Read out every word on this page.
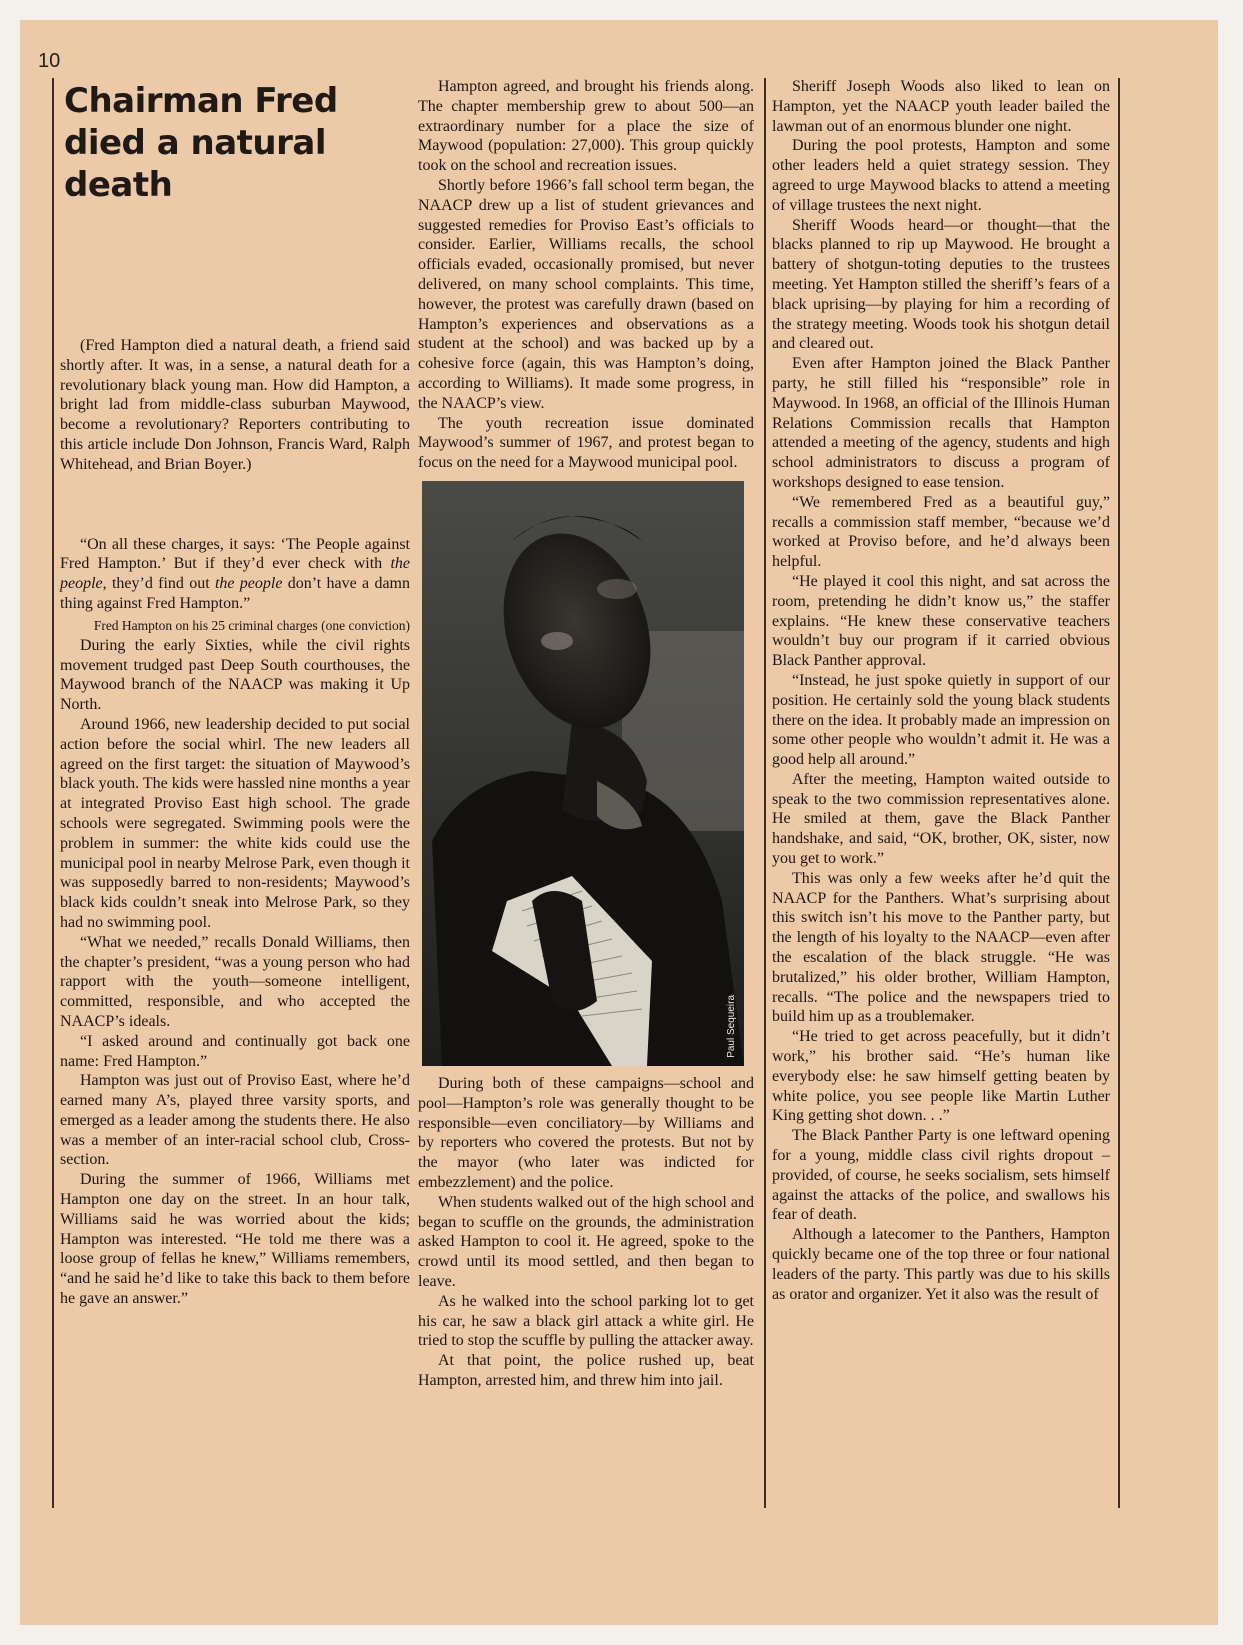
10
Chairman Fred died a natural death

(Fred Hampton died a natural death, a friend said shortly after. It was, in a sense, a natural death for a revolutionary black young man. How did Hampton, a bright lad from middle-class suburban Maywood, become a revolutionary? Reporters contributing to this article include Don Johnson, Francis Ward, Ralph Whitehead, and Brian Boyer.)

“On all these charges, it says: ‘The People against Fred Hampton.’ But if they’d ever check with the people, they’d find out the people don’t have a damn thing against Fred Hampton.”

Fred Hampton on his 25 criminal charges (one conviction)

During the early Sixties, while the civil rights movement trudged past Deep South courthouses, the Maywood branch of the NAACP was making it Up North.

Around 1966, new leadership decided to put social action before the social whirl. The new leaders all agreed on the first target: the situation of Maywood’s black youth. The kids were hassled nine months a year at integrated Proviso East high school. The grade schools were segregated. Swimming pools were the problem in summer: the white kids could use the municipal pool in nearby Melrose Park, even though it was supposedly barred to non-residents; Maywood’s black kids couldn’t sneak into Melrose Park, so they had no swimming pool.

“What we needed,” recalls Donald Williams, then the chapter’s president, “was a young person who had rapport with the youth—someone intelligent, committed, responsible, and who accepted the NAACP’s ideals.

“I asked around and continually got back one name: Fred Hampton.”

Hampton was just out of Proviso East, where he’d earned many A’s, played three varsity sports, and emerged as a leader among the students there. He also was a member of an inter-racial school club, Cross-section.

During the summer of 1966, Williams met Hampton one day on the street. In an hour talk, Williams said he was worried about the kids; Hampton was interested. “He told me there was a loose group of fellas he knew,” Williams remembers, “and he said he’d like to take this back to them before he gave an answer.”

Hampton agreed, and brought his friends along. The chapter membership grew to about 500—an extraordinary number for a place the size of Maywood (population: 27,000). This group quickly took on the school and recreation issues.

Shortly before 1966’s fall school term began, the NAACP drew up a list of student grievances and suggested remedies for Proviso East’s officials to consider. Earlier, Williams recalls, the school officials evaded, occasionally promised, but never delivered, on many school complaints. This time, however, the protest was carefully drawn (based on Hampton’s experiences and observations as a student at the school) and was backed up by a cohesive force (again, this was Hampton’s doing, according to Williams). It made some progress, in the NAACP’s view.

The youth recreation issue dominated Maywood’s summer of 1967, and protest began to focus on the need for a Maywood municipal pool.

Paul Sequeira

During both of these campaigns—school and pool—Hampton’s role was generally thought to be responsible—even conciliatory—by Williams and by reporters who covered the protests. But not by the mayor (who later was indicted for embezzlement) and the police.

When students walked out of the high school and began to scuffle on the grounds, the administration asked Hampton to cool it. He agreed, spoke to the crowd until its mood settled, and then began to leave.

As he walked into the school parking lot to get his car, he saw a black girl attack a white girl. He tried to stop the scuffle by pulling the attacker away.

At that point, the police rushed up, beat Hampton, arrested him, and threw him into jail.

Sheriff Joseph Woods also liked to lean on Hampton, yet the NAACP youth leader bailed the lawman out of an enormous blunder one night.

During the pool protests, Hampton and some other leaders held a quiet strategy session. They agreed to urge Maywood blacks to attend a meeting of village trustees the next night.

Sheriff Woods heard—or thought—that the blacks planned to rip up Maywood. He brought a battery of shotgun-toting deputies to the trustees meeting. Yet Hampton stilled the sheriff’s fears of a black uprising—by playing for him a recording of the strategy meeting. Woods took his shotgun detail and cleared out.

Even after Hampton joined the Black Panther party, he still filled his “responsible” role in Maywood. In 1968, an official of the Illinois Human Relations Commission recalls that Hampton attended a meeting of the agency, students and high school administrators to discuss a program of workshops designed to ease tension.

“We remembered Fred as a beautiful guy,” recalls a commission staff member, “because we’d worked at Proviso before, and he’d always been helpful.

“He played it cool this night, and sat across the room, pretending he didn’t know us,” the staffer explains. “He knew these conservative teachers wouldn’t buy our program if it carried obvious Black Panther approval.

“Instead, he just spoke quietly in support of our position. He certainly sold the young black students there on the idea. It probably made an impression on some other people who wouldn’t admit it. He was a good help all around.”

After the meeting, Hampton waited outside to speak to the two commission representatives alone. He smiled at them, gave the Black Panther handshake, and said, “OK, brother, OK, sister, now you get to work.”

This was only a few weeks after he’d quit the NAACP for the Panthers. What’s surprising about this switch isn’t his move to the Panther party, but the length of his loyalty to the NAACP—even after the escalation of the black struggle. “He was brutalized,” his older brother, William Hampton, recalls. “The police and the newspapers tried to build him up as a troublemaker.

“He tried to get across peacefully, but it didn’t work,” his brother said. “He’s human like everybody else: he saw himself getting beaten by white police, you see people like Martin Luther King getting shot down. . .”

The Black Panther Party is one leftward opening for a young, middle class civil rights dropout – provided, of course, he seeks socialism, sets himself against the attacks of the police, and swallows his fear of death.

Although a latecomer to the Panthers, Hampton quickly became one of the top three or four national leaders of the party. This partly was due to his skills as orator and organizer. Yet it also was the result of
